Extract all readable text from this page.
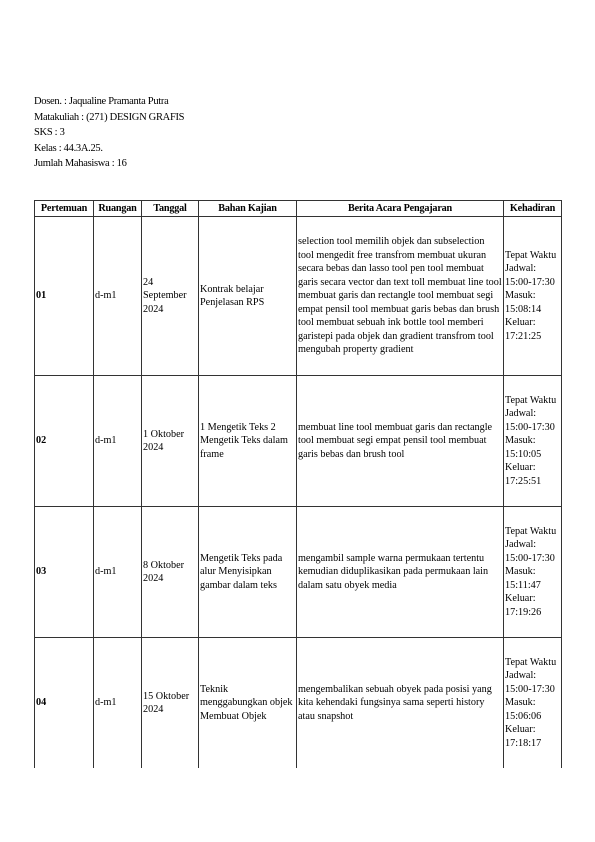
Dosen. : Jaqualine Pramanta Putra
Matakuliah : (271) DESIGN GRAFIS
SKS : 3
Kelas : 44.3A.25.
Jumlah Mahasiswa : 16
Pertemuan	Ruangan	Tanggal	Bahan Kajian	Berita Acara Pengajaran	Kehadiran
01	d-m1	24 September 2024	Kontrak belajar Penjelasan RPS	selection tool memilih objek dan subselection tool mengedit free transfrom membuat ukuran secara bebas dan lasso tool pen tool membuat garis secara vector dan text toll membuat line tool membuat garis dan rectangle tool membuat segi empat pensil tool membuat garis bebas dan brush tool membuat sebuah ink bottle tool memberi garistepi pada objek dan gradient transfrom tool mengubah property gradient	Tepat Waktu Jadwal: 15:00-17:30 Masuk: 15:08:14 Keluar: 17:21:25
02	d-m1	1 Oktober 2024	1 Mengetik Teks 2 Mengetik Teks dalam frame	membuat line tool membuat garis dan rectangle tool membuat segi empat pensil tool membuat garis bebas dan brush tool	Tepat Waktu Jadwal: 15:00-17:30 Masuk: 15:10:05 Keluar: 17:25:51
03	d-m1	8 Oktober 2024	Mengetik Teks pada alur Menyisipkan gambar dalam teks	mengambil sample warna permukaan tertentu kemudian diduplikasikan pada permukaan lain dalam satu obyek media	Tepat Waktu Jadwal: 15:00-17:30 Masuk: 15:11:47 Keluar: 17:19:26
04	d-m1	15 Oktober 2024	Teknik menggabungkan objek Membuat Objek	mengembalikan sebuah obyek pada posisi yang kita kehendaki fungsinya sama seperti history atau snapshot	Tepat Waktu Jadwal: 15:00-17:30 Masuk: 15:06:06 Keluar: 17:18:17
